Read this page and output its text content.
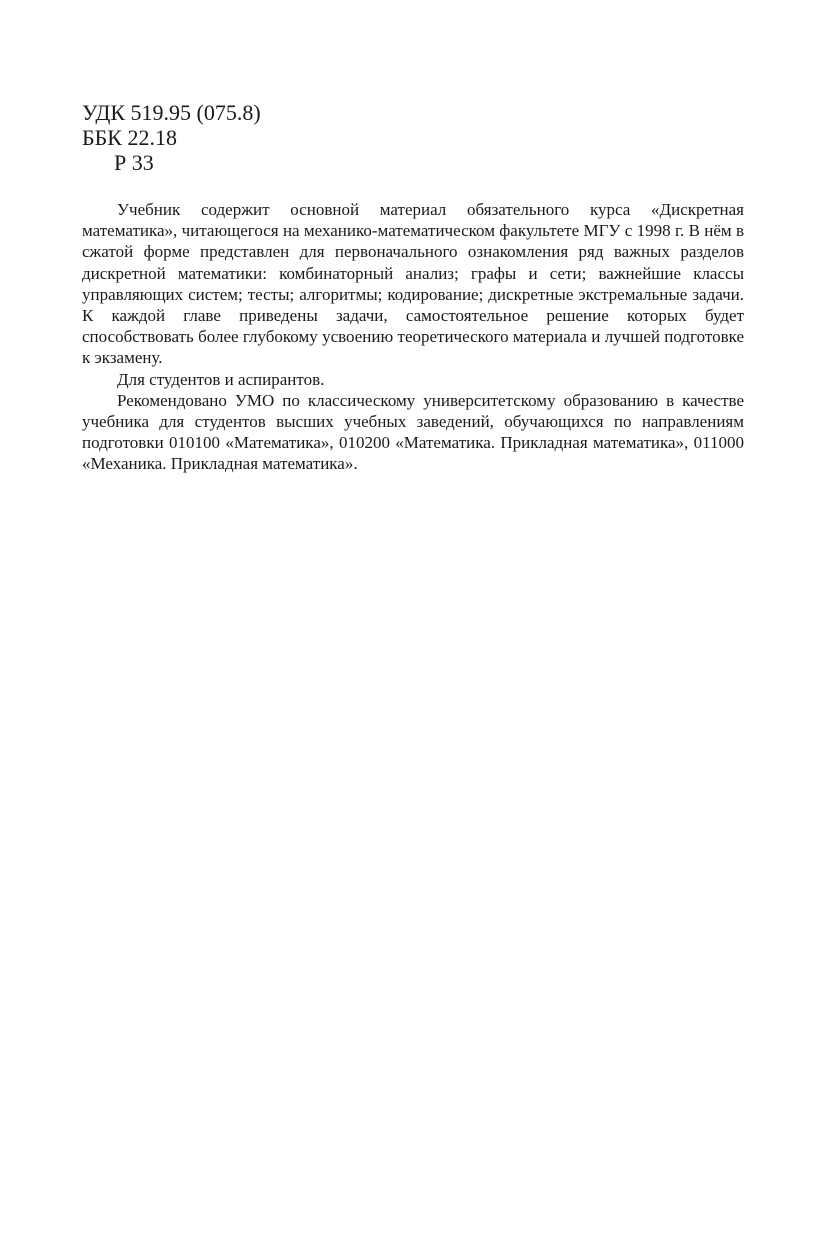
УДК 519.95 (075.8)
ББК 22.18
Р 33

Учебник содержит основной материал обязательного курса «Дискретная математика», читающегося на механико-математическом факультете МГУ с 1998 г. В нём в сжатой форме представлен для первоначального ознакомления ряд важных разделов дискретной математики: комбинаторный анализ; графы и сети; важнейшие классы управляющих систем; тесты; алгоритмы; кодирование; дискретные экстремальные задачи. К каждой главе приведены задачи, самостоятельное решение которых будет способствовать более глубокому усвоению теоретического материала и лучшей подготовке к экзамену.

Для студентов и аспирантов.

Рекомендовано УМО по классическому университетскому образованию в качестве учебника для студентов высших учебных заведений, обучающихся по направлениям подготовки 010100 «Математика», 010200 «Математика. Прикладная математика», 011000 «Механика. Прикладная математика».
